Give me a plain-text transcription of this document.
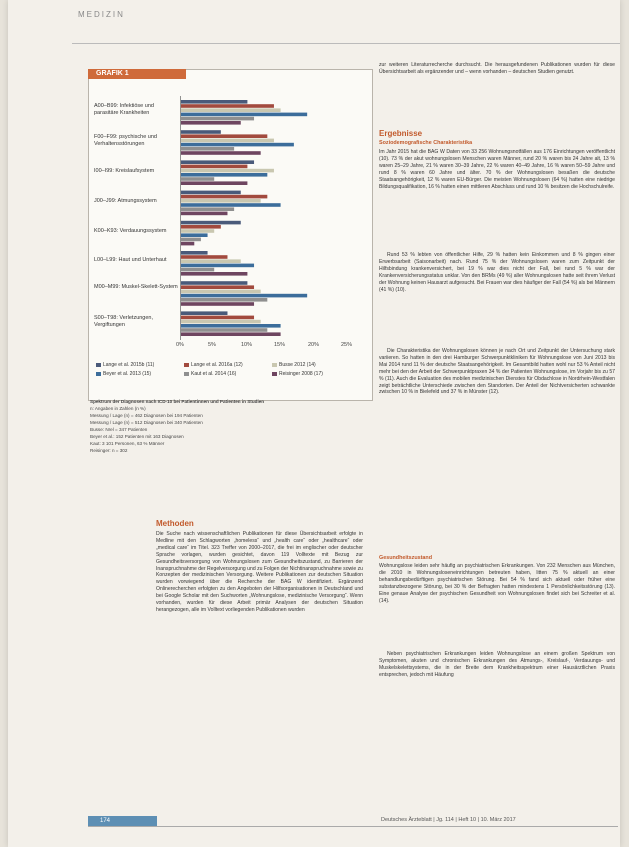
MEDIZIN
GRAFIK 1
A00–B99: Infektiöse und parasitäre Krankheiten
F00–F99: psychische und Verhaltensstörungen
I00–I99: Kreislaufsystem
J00–J99: Atmungssystem
K00–K93: Verdauungssystem
L00–L99: Haut und Unterhaut
M00–M99: Muskel-Skelett-System
S00–T98: Verletzungen, Vergiftungen
0%	5%	10%	15%	20%	25%
Lange et al. 2015b (11)	Lange et al. 2016a (12)	Busse 2012 (14)
Beyer et al. 2013 (15)	Kaut et al. 2014 (16)	Reisinger 2008 (17)
Spektrum der Diagnosen nach ICD-10 bei Patientinnen und Patienten in Studien
n: Angaben in Zahlen (n %)
Messung / Lage (n) = 462 Diagnosen bei 194 Patienten
Messung / Lage (n) = 512 Diagnosen bei 340 Patienten
Busse: Nrel = 347 Patienten
Beyer et al.: 152 Patienten mit 163 Diagnosen
Kaut: 3 101 Personen, 63 % Männer
Reisinger: n = 302
Methoden
Die Suche nach wissenschaftlichen Publikationen für diese Übersichtsarbeit erfolgte in Medline mit den Schlagworten „homeless“ und „health care“ oder „healthcare“ oder „medical care“ im Titel. 323 Treffer von 2000–2017, die frei im englischer oder deutscher Sprache vorlagen, wurden gesichtet, davon 119 Volltexte mit Bezug zur Gesundheitsversorgung von Wohnungslosen zum Gesundheitszustand, zu Barrieren der Inanspruchnahme der Regelversorgung und zu Folgen der Nichtinanspruchnahme sowie zu Konzepten der medizinischen Versorgung. Weitere Publikationen zur deutschen Situation wurden vorwiegend über die Recherche der BAG W identifiziert. Ergänzend Onlinerecherchen erfolgten zu den Angeboten der Hilfsorganisationen in Deutschland und bei Google Scholar mit den Suchworten „Wohnungslose, medizinische Versorgung“. Wenn vorhanden, wurden für diese Arbeit primär Analysen der deutschen Situation herangezogen, alle im Volltext vorliegenden Publikationen wurden
zur weiteren Literaturrecherche durchsucht. Die herausgefundenen Publikationen wurden für diese Übersichtsarbeit als ergänzender und – wenn vorhanden – deutschen Studien genutzt.
Ergebnisse
Soziodemografische Charakteristika
Im Jahr 2015 hat die BAG W Daten von 33 256 Wohnungsnotfällen aus 176 Einrichtungen veröffentlicht (10). 73 % der akut wohnungslosen Menschen waren Männer, rund 20 % waren bis 24 Jahre alt, 13 % waren 25–29 Jahre, 21 % waren 30–39 Jahre, 22 % waren 40–49 Jahre, 16 % waren 50–59 Jahre und rund 8 % waren 60 Jahre und älter. 70 % der Wohnungslosen besaßen die deutsche Staatsangehörigkeit, 12 % waren EU-Bürger. Die meisten Wohnungslosen (64 %) hatten eine niedrige Bildungsqualifikation, 16 % hatten einen mittleren Abschluss und rund 10 % besitzen die Hochschulreife.
Rund 53 % lebten von öffentlicher Hilfe, 29 % hatten kein Einkommen und 8 % gingen einer Erwerbsarbeit (Saisonarbeit) nach. Rund 75 % der Wohnungslosen waren zum Zeitpunkt der Hilfsbindung krankenversichert, bei 19 % war dies nicht der Fall, bei rund 5 % war der Krankenversicherungsstatus unklar. Von den BRMs (49 %) aller Wohnungslosen hatte seit ihrem Verlust der Wohnung keinen Hausarzt aufgesucht. Bei Frauen war dies häufiger der Fall (54 %) als bei Männern (41 %) (10).
Die Charakteristika der Wohnungslosen können je nach Ort und Zeitpunkt der Untersuchung stark variieren. So hatten in den drei Hamburger Schwerpunktkliniken für Wohnungslose von Juni 2013 bis Mai 2014 rund 11 % der deutsche Staatsangehörigkeit. Im Gesamtbild hatten wohl nur 53 % Anteil nicht mehr bei den der Arbeit der Schwerpunktpraxen 34 % der Patienten Wohnungslose, im Vorjahr bis zu 57 % (11). Auch die Evaluation des mobilen medizinischen Dienstes für Obdachlose in Nordrhein-Westfalen zeigt beträchtliche Unterschiede zwischen den Standorten. Der Anteil der Nichtversicherten schwankte zwischen 10 % in Bielefeld und 37 % in Münster (12).
Gesundheitszustand
Wohnungslose leiden sehr häufig an psychiatrischen Erkrankungen. Von 232 Menschen aus München, die 2010 in Wohnungsloseneinrichtungen betreuten haben, litten 75 % aktuell an einer behandlungsbedürftigen psychiatrischen Störung. Bei 54 % fand sich aktuell oder früher eine substanzbezogene Störung, bei 30 % der Befragten hatten mindestens 1 Persönlichkeitsstörung (13). Eine genaue Analyse der psychischen Gesundheit von Wohnungslosen findet sich bei Schreiter et al. (14).
Neben psychiatrischen Erkrankungen leiden Wohnungslose an einem großen Spektrum von Symptomen, akuten und chronischen Erkrankungen des Atmungs-, Kreislauf-, Verdauungs- und Muskelskelettsystems, die in der Breite dem Krankheitsspektrum einer Hausärztlichen Praxis entsprechen, jedoch mit Häufung
174	Deutsches Ärzteblatt | Jg. 114 | Heft 10 | 10. März 2017
